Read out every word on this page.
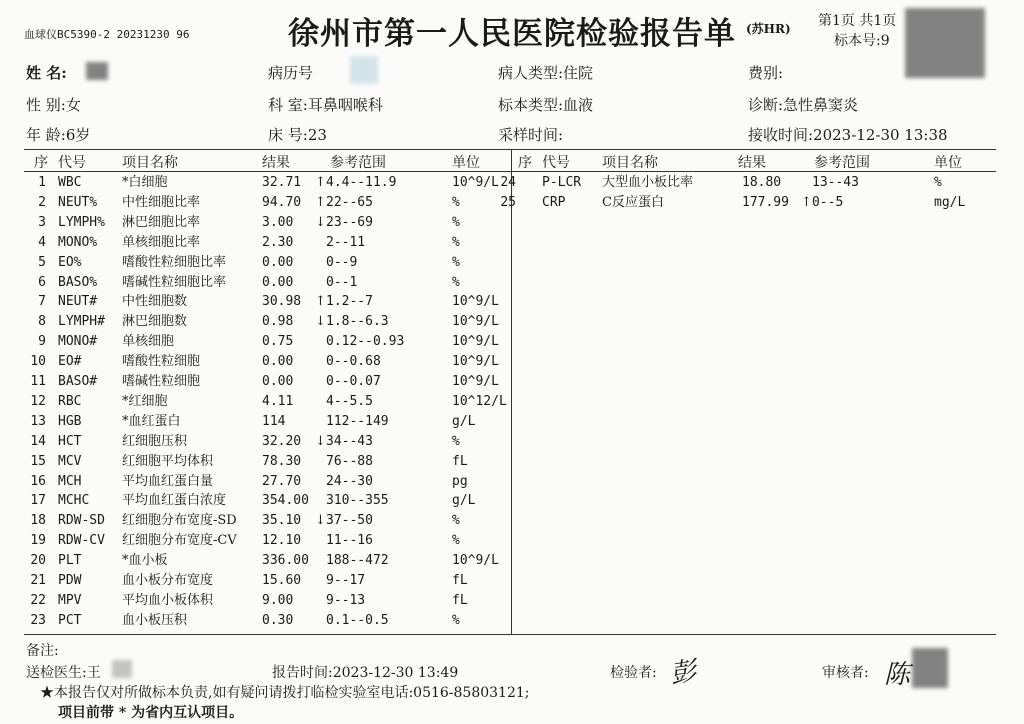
血球仪BC5390-2 20231230 96	徐州市第一人民医院检验报告单 (苏HR) 第1页 共1页
标本号:9
姓 名:	病历号	病人类型:住院	费别:
性 别:女	科 室:耳鼻咽喉科	标本类型:血液	诊断:急性鼻窦炎
年 龄:6岁	床 号:23	采样时间:	接收时间:2023-12-30 13:38
序 代号	项目名称	结果	参考范围	单位	序 代号 项目名称	结果	参考范围	单位
1 WBC	*白细胞	32.71 ↑ 4.4--11.9	10^9/L
2 NEUT% 中性细胞比率	94.70 ↑ 22--65	%
3 LYMPH% 淋巴细胞比率	3.00 ↓ 23--69	%
4 MONO% 单核细胞比率	2.30	2--11	%
5 EO%	嗜酸性粒细胞比率	0.00	0--9	%
6 BASO% 嗜碱性粒细胞比率	0.00	0--1	%
7 NEUT# 中性细胞数	30.98 ↑ 1.2--7	10^9/L
8 LYMPH# 淋巴细胞数	0.98 ↓ 1.8--6.3	10^9/L
9 MONO# 单核细胞	0.75	0.12--0.93	10^9/L
10 EO#	嗜酸性粒细胞	0.00	0--0.68	10^9/L
11 BASO# 嗜碱性粒细胞	0.00	0--0.07	10^9/L
12 RBC	*红细胞	4.11	4--5.5	10^12/L
13 HGB	*血红蛋白	114	112--149	g/L
14 HCT	红细胞压积	32.20 ↓ 34--43	%
15 MCV	红细胞平均体积	78.30 76--88	fL
16 MCH	平均血红蛋白量	27.70 24--30	pg
17 MCHC	平均血红蛋白浓度	354.00 310--355	g/L
18 RDW-SD 红细胞分布宽度-SD 35.10 ↓ 37--50	%
19 RDW-CV 红细胞分布宽度-CV 12.10 11--16	%
20 PLT	*血小板	336.00 188--472	10^9/L
21 PDW	血小板分布宽度	15.60 9--17	fL
22 MPV	平均血小板体积	9.00	9--13	fL
23 PCT	血小板压积	0.30	0.1--0.5	%
24 P-LCR 大型血小板比率	18.80 13--43	%
25 CRP	C反应蛋白	177.99 ↑ 0--5	mg/L
备注:
送检医生:王	报告时间:2023-12-30 13:49	检验者: 彭	审核者: 陈
★本报告仅对所做标本负责,如有疑问请拨打临检实验室电话:0516-85803121;
项目前带 * 为省内互认项目。
